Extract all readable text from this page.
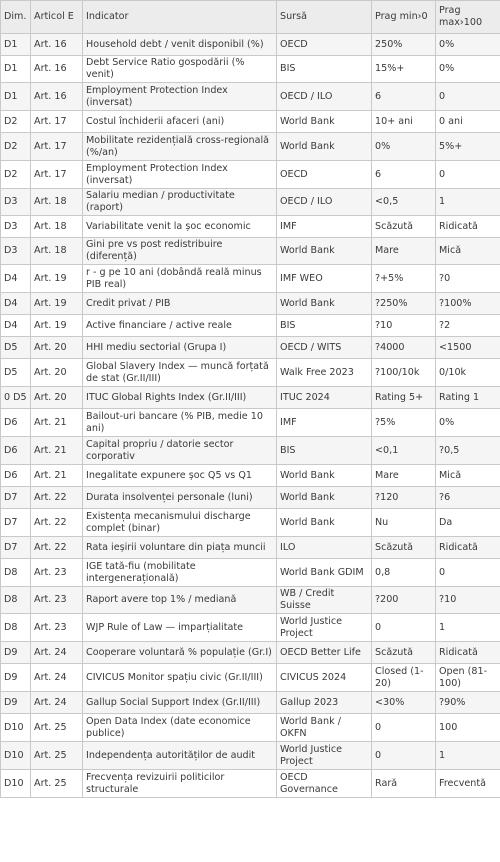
Dim.	Articol E	Indicator	Sursă	Prag min›0	Prag max›100
D1	Art. 16	Household debt / venit disponibil (%)	OECD	250%	0%
D1	Art. 16	Debt Service Ratio gospodării (% venit)	BIS	15%+	0%
D1	Art. 16	Employment Protection Index (inversat)	OECD / ILO	6	0
D2	Art. 17	Costul închiderii afaceri (ani)	World Bank	10+ ani	0 ani
D2	Art. 17	Mobilitate rezidențială cross-regională (%/an)	World Bank	0%	5%+
D2	Art. 17	Employment Protection Index (inversat)	OECD	6	0
D3	Art. 18	Salariu median / productivitate (raport)	OECD / ILO	<0,5	1
D3	Art. 18	Variabilitate venit la șoc economic	IMF	Scăzută	Ridicată
D3	Art. 18	Gini pre vs post redistribuire (diferență)	World Bank	Mare	Mică
D4	Art. 19	r - g pe 10 ani (dobândă reală minus PIB real)	IMF WEO	?+5%	?0
D4	Art. 19	Credit privat / PIB	World Bank	?250%	?100%
D4	Art. 19	Active financiare / active reale	BIS	?10	?2
D5	Art. 20	HHI mediu sectorial (Grupa I)	OECD / WITS	?4000	<1500
D5	Art. 20	Global Slavery Index — muncă forțată de stat (Gr.II/III)	Walk Free 2023	?100/10k	0/10k
0 D5	Art. 20	ITUC Global Rights Index (Gr.II/III)	ITUC 2024	Rating 5+	Rating 1
D6	Art. 21	Bailout-uri bancare (% PIB, medie 10 ani)	IMF	?5%	0%
D6	Art. 21	Capital propriu / datorie sector corporativ	BIS	<0,1	?0,5
D6	Art. 21	Inegalitate expunere șoc Q5 vs Q1	World Bank	Mare	Mică
D7	Art. 22	Durata insolvenței personale (luni)	World Bank	?120	?6
D7	Art. 22	Existența mecanismului discharge complet (binar)	World Bank	Nu	Da
D7	Art. 22	Rata ieșirii voluntare din piața muncii	ILO	Scăzută	Ridicată
D8	Art. 23	IGE tată-fiu (mobilitate intergenerațională)	World Bank GDIM	0,8	0
D8	Art. 23	Raport avere top 1% / mediană	WB / Credit Suisse	?200	?10
D8	Art. 23	WJP Rule of Law — imparțialitate	World Justice Project	0	1
D9	Art. 24	Cooperare voluntară % populație (Gr.I)	OECD Better Life	Scăzută	Ridicată
D9	Art. 24	CIVICUS Monitor spațiu civic (Gr.II/III)	CIVICUS 2024	Closed (1-20)	Open (81-100)
D9	Art. 24	Gallup Social Support Index (Gr.II/III)	Gallup 2023	<30%	?90%
D10	Art. 25	Open Data Index (date economice publice)	World Bank / OKFN	0	100
D10	Art. 25	Independența autorităților de audit	World Justice Project	0	1
D10	Art. 25	Frecvența revizuirii politicilor structurale	OECD Governance	Rară	Frecventă
